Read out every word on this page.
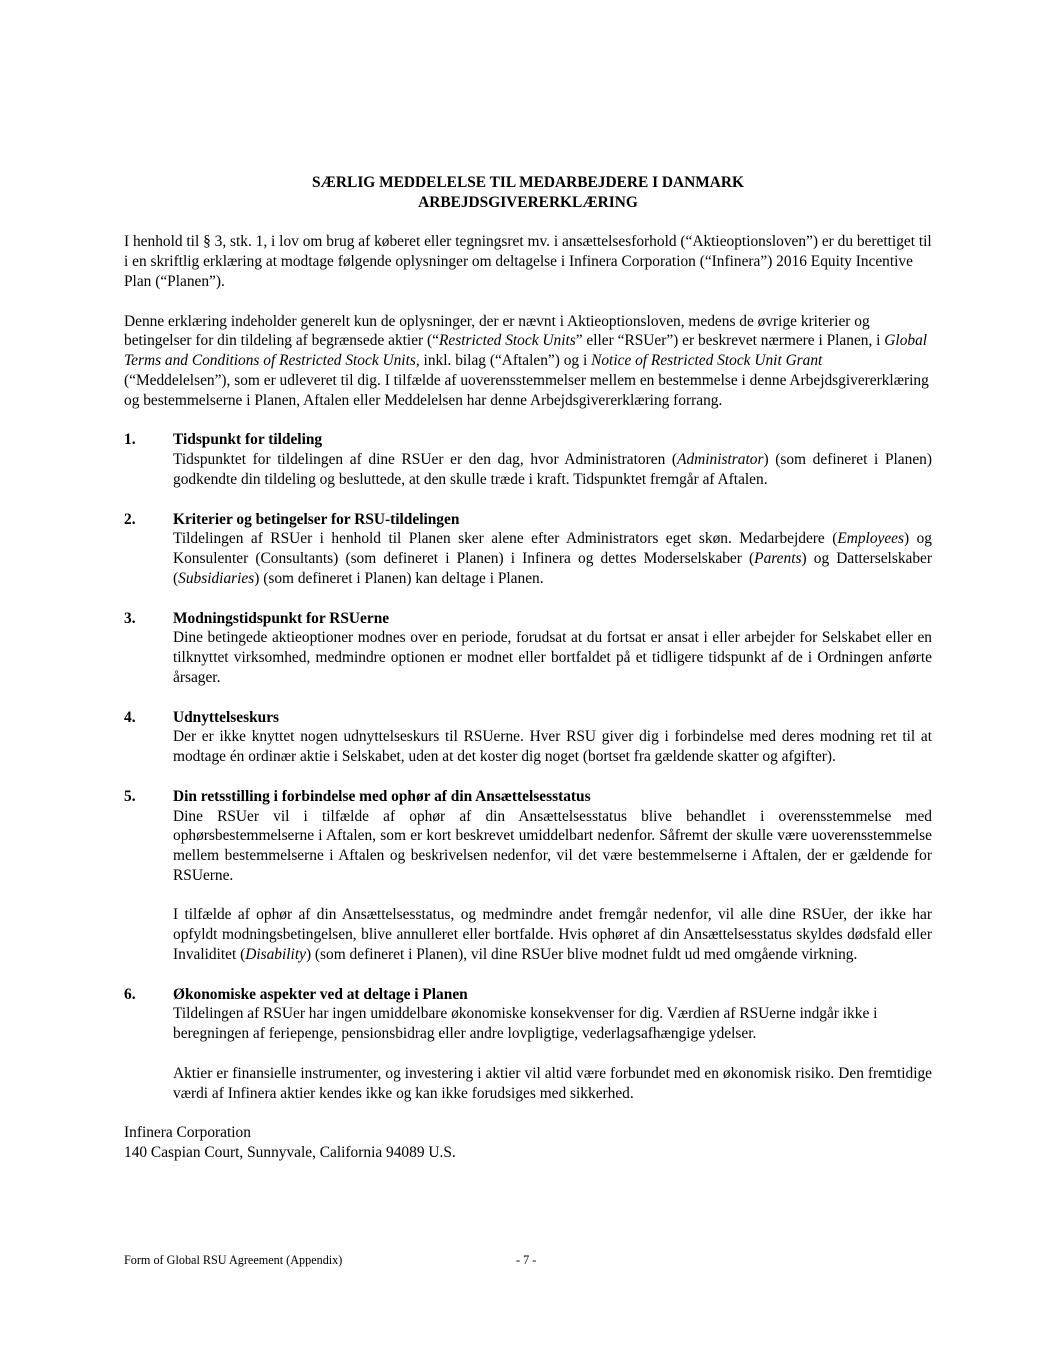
SÆRLIG MEDDELELSE TIL MEDARBEJDERE I DANMARK

ARBEJDSGIVERERKLÆRING

I henhold til § 3, stk. 1, i lov om brug af køberet eller tegningsret mv. i ansættelsesforhold (“Aktieoptionsloven”) er du berettiget til i en skriftlig erklæring at modtage følgende oplysninger om deltagelse i Infinera Corporation (“Infinera”) 2016 Equity Incentive Plan (“Planen”).

Denne erklæring indeholder generelt kun de oplysninger, der er nævnt i Aktieoptionsloven, medens de øvrige kriterier og betingelser for din tildeling af begrænsede aktier (“Restricted Stock Units” eller “RSUer”) er beskrevet nærmere i Planen, i Global Terms and Conditions of Restricted Stock Units, inkl. bilag (“Aftalen”) og i Notice of Restricted Stock Unit Grant (“Meddelelsen”), som er udleveret til dig. I tilfælde af uoverensstemmelser mellem en bestemmelse i denne Arbejdsgivererklæring og bestemmelserne i Planen, Aftalen eller Meddelelsen har denne Arbejdsgivererklæring forrang.

1. Tidspunkt for tildeling

Tidspunktet for tildelingen af dine RSUer er den dag, hvor Administratoren (Administrator) (som defineret i Planen) godkendte din tildeling og besluttede, at den skulle træde i kraft. Tidspunktet fremgår af Aftalen.

2. Kriterier og betingelser for RSU-tildelingen

Tildelingen af RSUer i henhold til Planen sker alene efter Administrators eget skøn. Medarbejdere (Employees) og Konsulenter (Consultants) (som defineret i Planen) i Infinera og dettes Moderselskaber (Parents) og Datterselskaber (Subsidiaries) (som defineret i Planen) kan deltage i Planen.

3. Modningstidspunkt for RSUerne

Dine betingede aktieoptioner modnes over en periode, forudsat at du fortsat er ansat i eller arbejder for Selskabet eller en tilknyttet virksomhed, medmindre optionen er modnet eller bortfaldet på et tidligere tidspunkt af de i Ordningen anførte årsager.

4. Udnyttelseskurs

Der er ikke knyttet nogen udnyttelseskurs til RSUerne. Hver RSU giver dig i forbindelse med deres modning ret til at modtage én ordinær aktie i Selskabet, uden at det koster dig noget (bortset fra gældende skatter og afgifter).

5. Din retsstilling i forbindelse med ophør af din Ansættelsesstatus

Dine RSUer vil i tilfælde af ophør af din Ansættelsesstatus blive behandlet i overensstemmelse med ophørsbestemmelserne i Aftalen, som er kort beskrevet umiddelbart nedenfor. Såfremt der skulle være uoverensstemmelse mellem bestemmelserne i Aftalen og beskrivelsen nedenfor, vil det være bestemmelserne i Aftalen, der er gældende for RSUerne.

I tilfælde af ophør af din Ansættelsesstatus, og medmindre andet fremgår nedenfor, vil alle dine RSUer, der ikke har opfyldt modningsbetingelsen, blive annulleret eller bortfalde. Hvis ophøret af din Ansættelsesstatus skyldes dødsfald eller Invaliditet (Disability) (som defineret i Planen), vil dine RSUer blive modnet fuldt ud med omgående virkning.

6. Økonomiske aspekter ved at deltage i Planen

Tildelingen af RSUer har ingen umiddelbare økonomiske konsekvenser for dig. Værdien af RSUerne indgår ikke i beregningen af feriepenge, pensionsbidrag eller andre lovpligtige, vederlagsafhængige ydelser.

Aktier er finansielle instrumenter, og investering i aktier vil altid være forbundet med en økonomisk risiko. Den fremtidige værdi af Infinera aktier kendes ikke og kan ikke forudsiges med sikkerhed.

Infinera Corporation

140 Caspian Court, Sunnyvale, California 94089 U.S.

Form of Global RSU Agreement (Appendix)	- 7 -
